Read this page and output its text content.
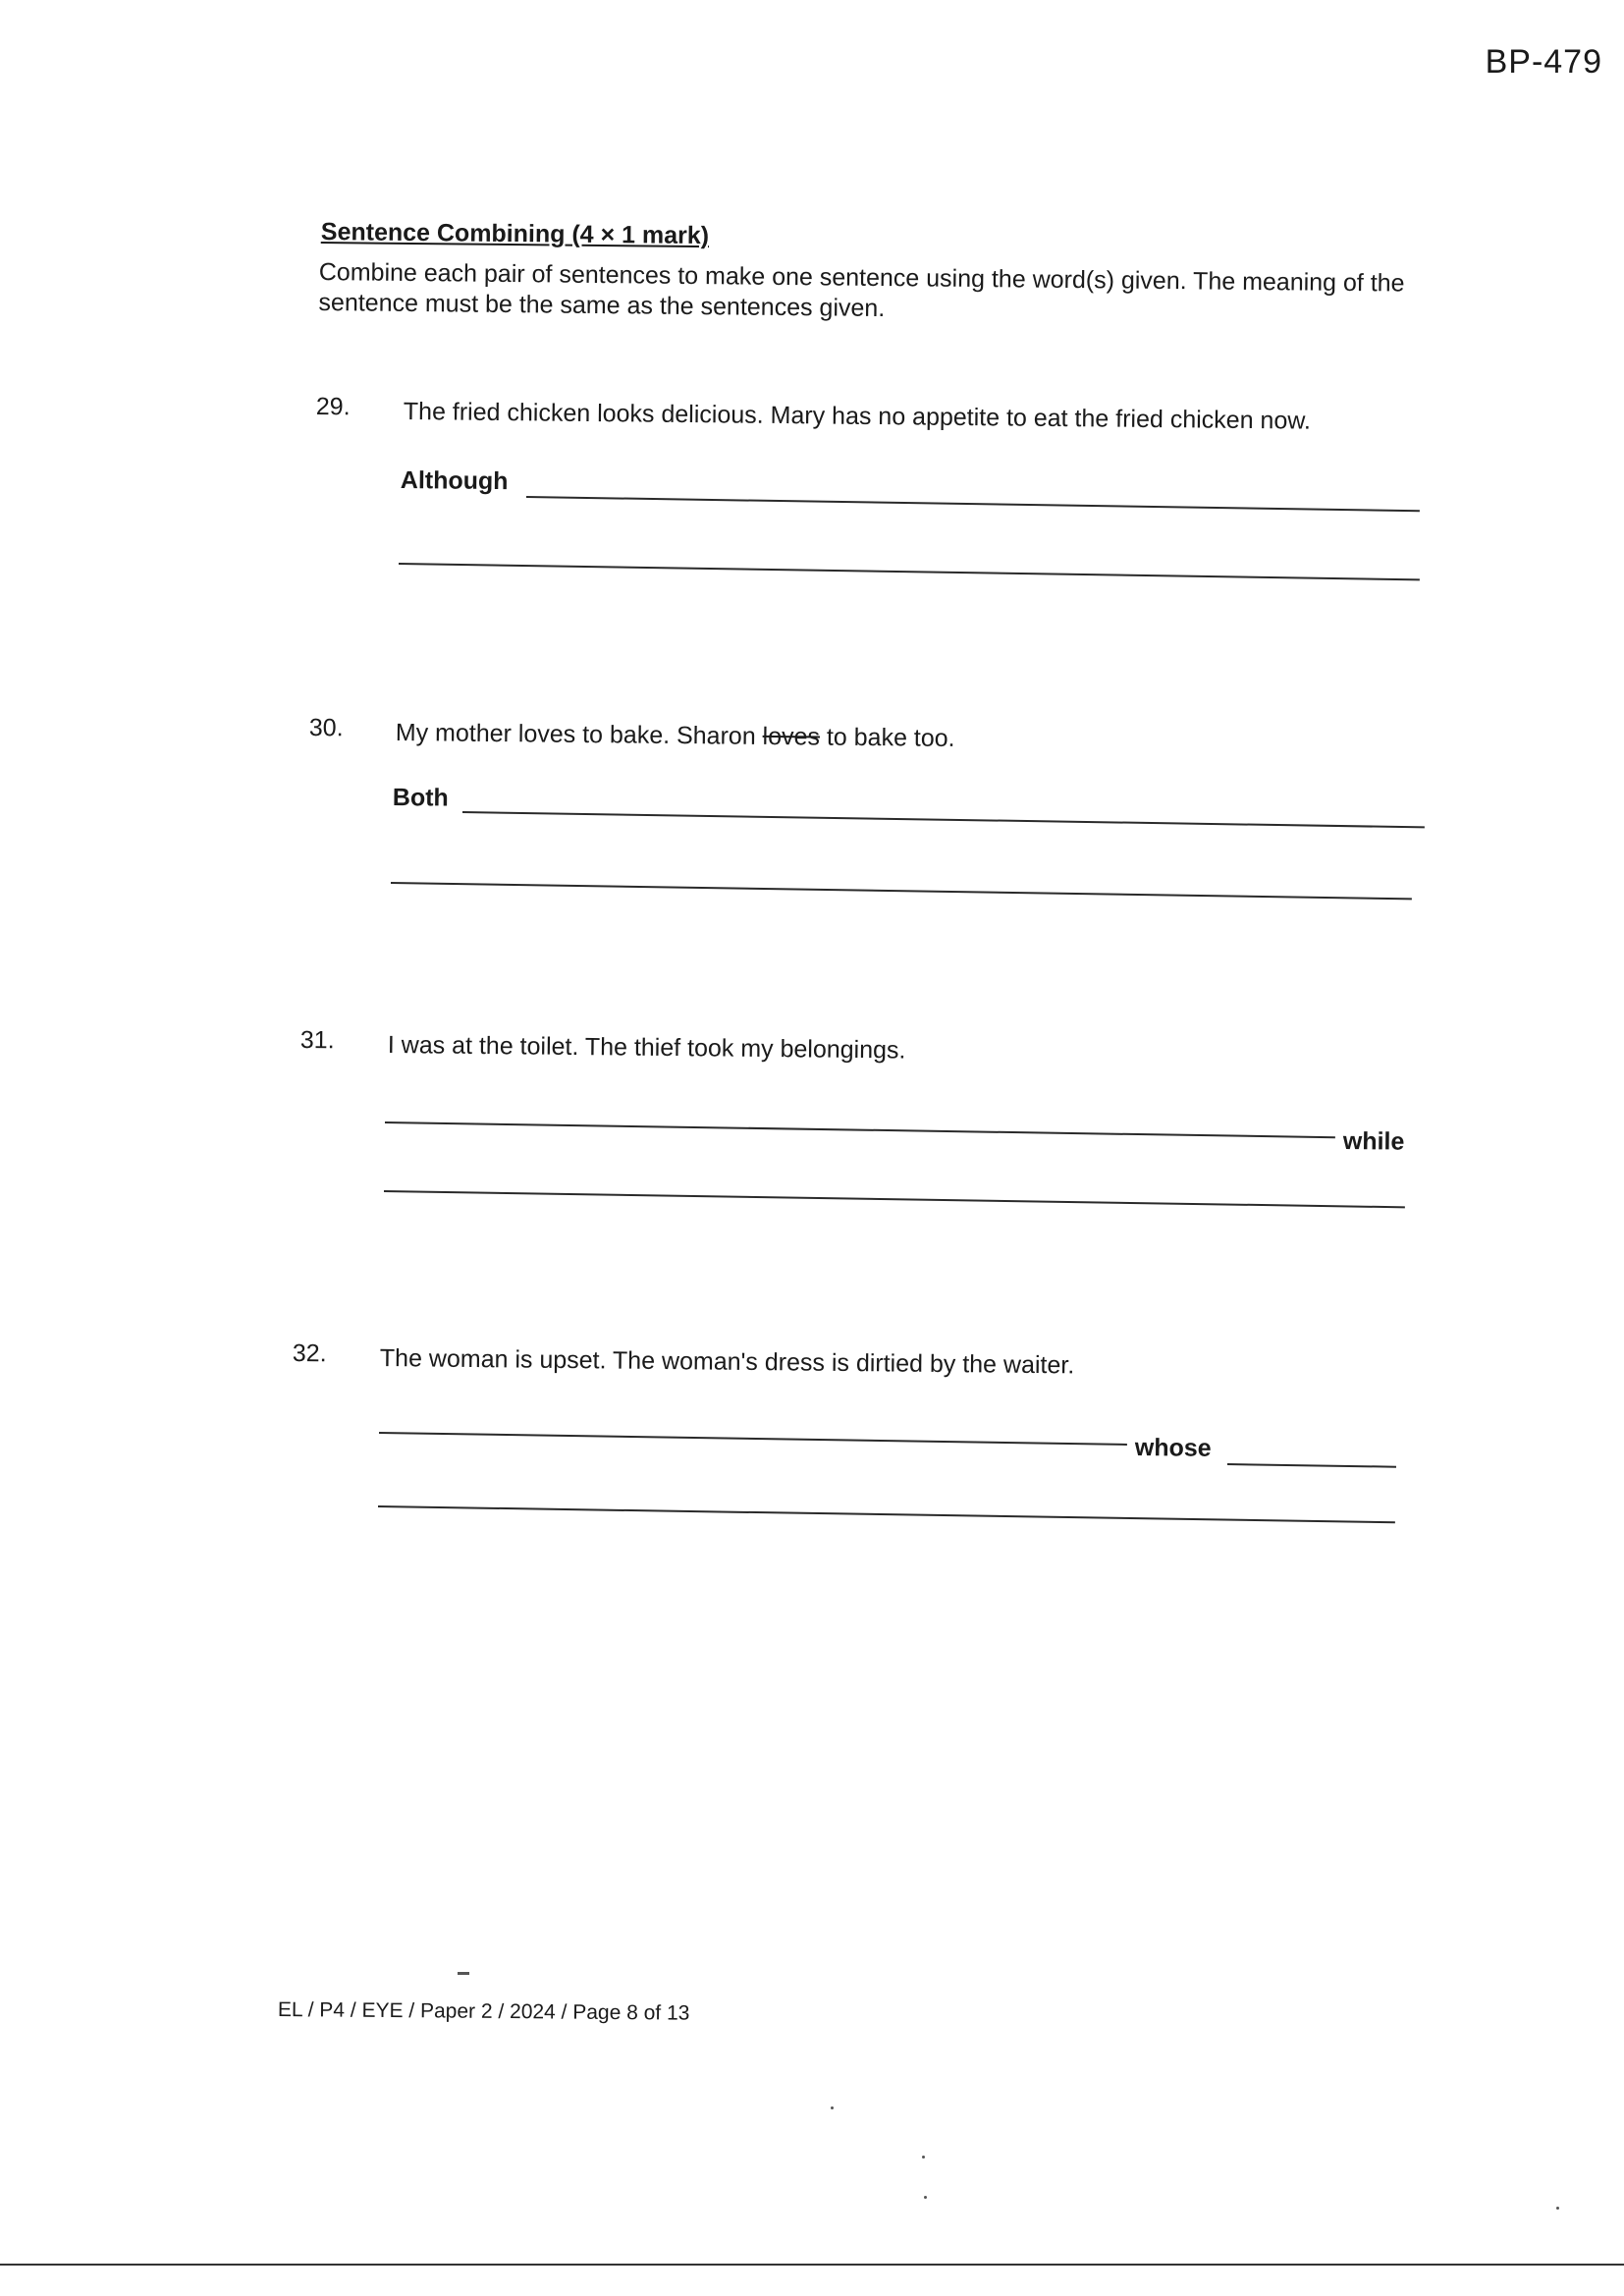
BP-479
Sentence Combining (4 × 1 mark)
Combine each pair of sentences to make one sentence using the word(s) given. The meaning of the sentence must be the same as the sentences given.
29. The fried chicken looks delicious. Mary has no appetite to eat the fried chicken now.
Although
30. My mother loves to bake. Sharon loves to bake too.
Both
31. I was at the toilet. The thief took my belongings.
while
32. The woman is upset. The woman's dress is dirtied by the waiter.
whose
EL / P4 / EYE / Paper 2 / 2024 / Page 8 of 13
